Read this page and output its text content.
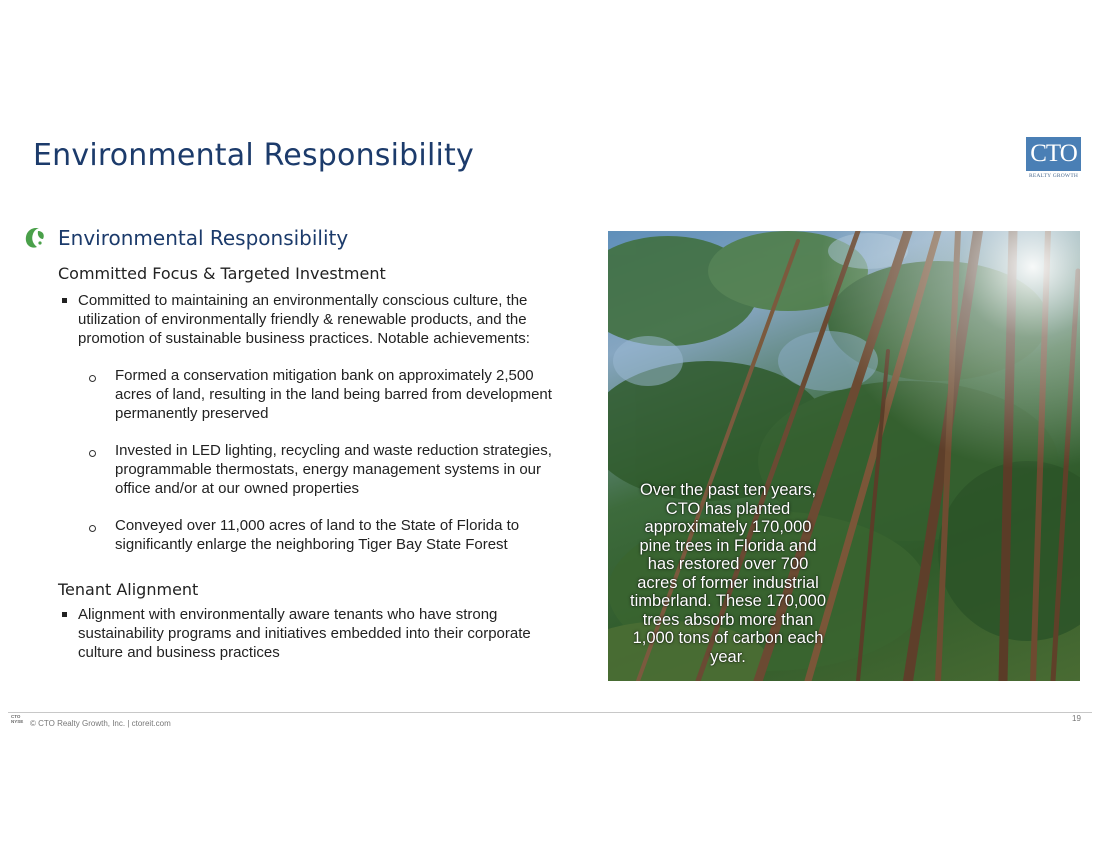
Environmental Responsibility	CTO
REALTY GROWTH
Environmental Responsibility
Committed Focus & Targeted Investment
Committed to maintaining an environmentally conscious culture, the utilization of environmentally friendly & renewable products, and the promotion of sustainable business practices. Notable achievements:
Formed a conservation mitigation bank on approximately 2,500 acres of land, resulting in the land being barred from development permanently preserved
Invested in LED lighting, recycling and waste reduction strategies, programmable thermostats, energy management systems in our office and/or at our owned properties
Conveyed over 11,000 acres of land to the State of Florida to significantly enlarge the neighboring Tiger Bay State Forest
Tenant Alignment
Alignment with environmentally aware tenants who have strong sustainability programs and initiatives embedded into their corporate culture and business practices
Over the past ten years, CTO has planted approximately 170,000 pine trees in Florida and has restored over 700 acres of former industrial timberland. These 170,000 trees absorb more than 1,000 tons of carbon each year.
CTO NYSE © CTO Realty Growth, Inc. | ctoreit.com
19
